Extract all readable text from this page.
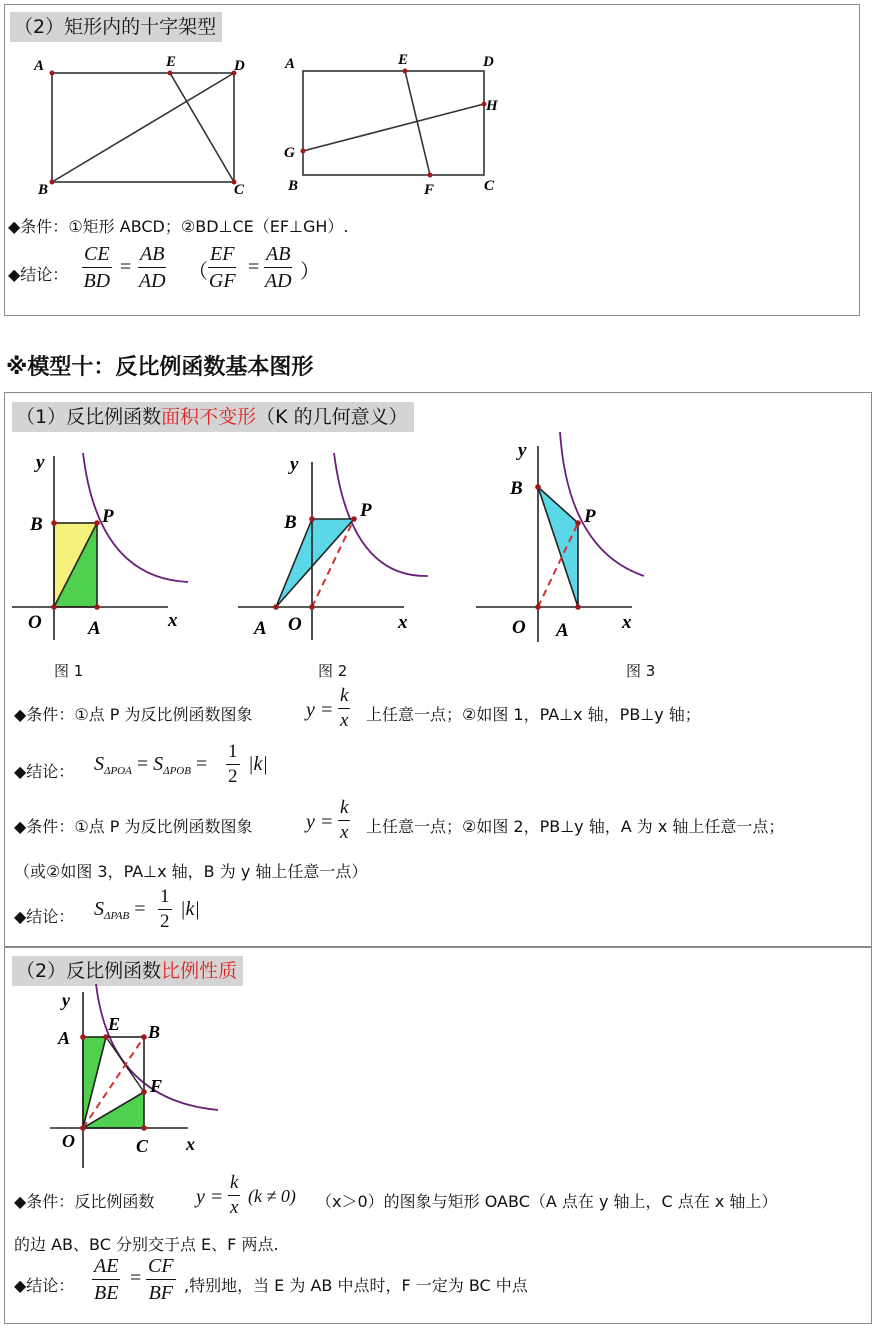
（2）矩形内的十字架型
A	E	D
B	C
A	E	D
H
G
B	F	C
◆条件：①矩形 ABCD；②BD⊥CE（EF⊥GH）.
◆结论： $\frac{CE}{BD} = \frac{AB}{AD}$ （ $\frac{EF}{GF} = \frac{AB}{AD}$ ）
※模型十：反比例函数基本图形
（1）反比例函数面积不变形（K 的几何意义）
y
B	P
O A	x
图 1
y
B
P
A O	x
图 2
y
B
P
O A	x
图 3
◆条件：①点 P 为反比例函数图象	$y = \frac{k}{x}$ 上任意一点；②如图 1，PA⊥x 轴，PB⊥y 轴；
◆结论： $S_{\Delta POA} = S_{\Delta POB} = \frac{1}{2} |k|$
◆条件：①点 P 为反比例函数图象	$y = \frac{k}{x}$ 上任意一点；②如图 2，PB⊥y 轴，A 为 x 轴上任意一点；
（或②如图 3，PA⊥x 轴，B 为 y 轴上任意一点）
◆结论： $S_{\Delta PAB} = \frac{1}{2} |k|$
（2）反比例函数比例性质
y
A
E B
F
O	C x
◆条件：反比例函数 $y = \frac{k}{x} (k \ne 0)$ （x＞0）的图象与矩形 OABC（A 点在 y 轴上，C 点在 x 轴上）
的边 AB、BC 分别交于点 E、F 两点.
◆结论： $\frac{AE}{BE} = \frac{CF}{BF}$ ,特别地，当 E 为 AB 中点时，F 一定为 BC 中点
